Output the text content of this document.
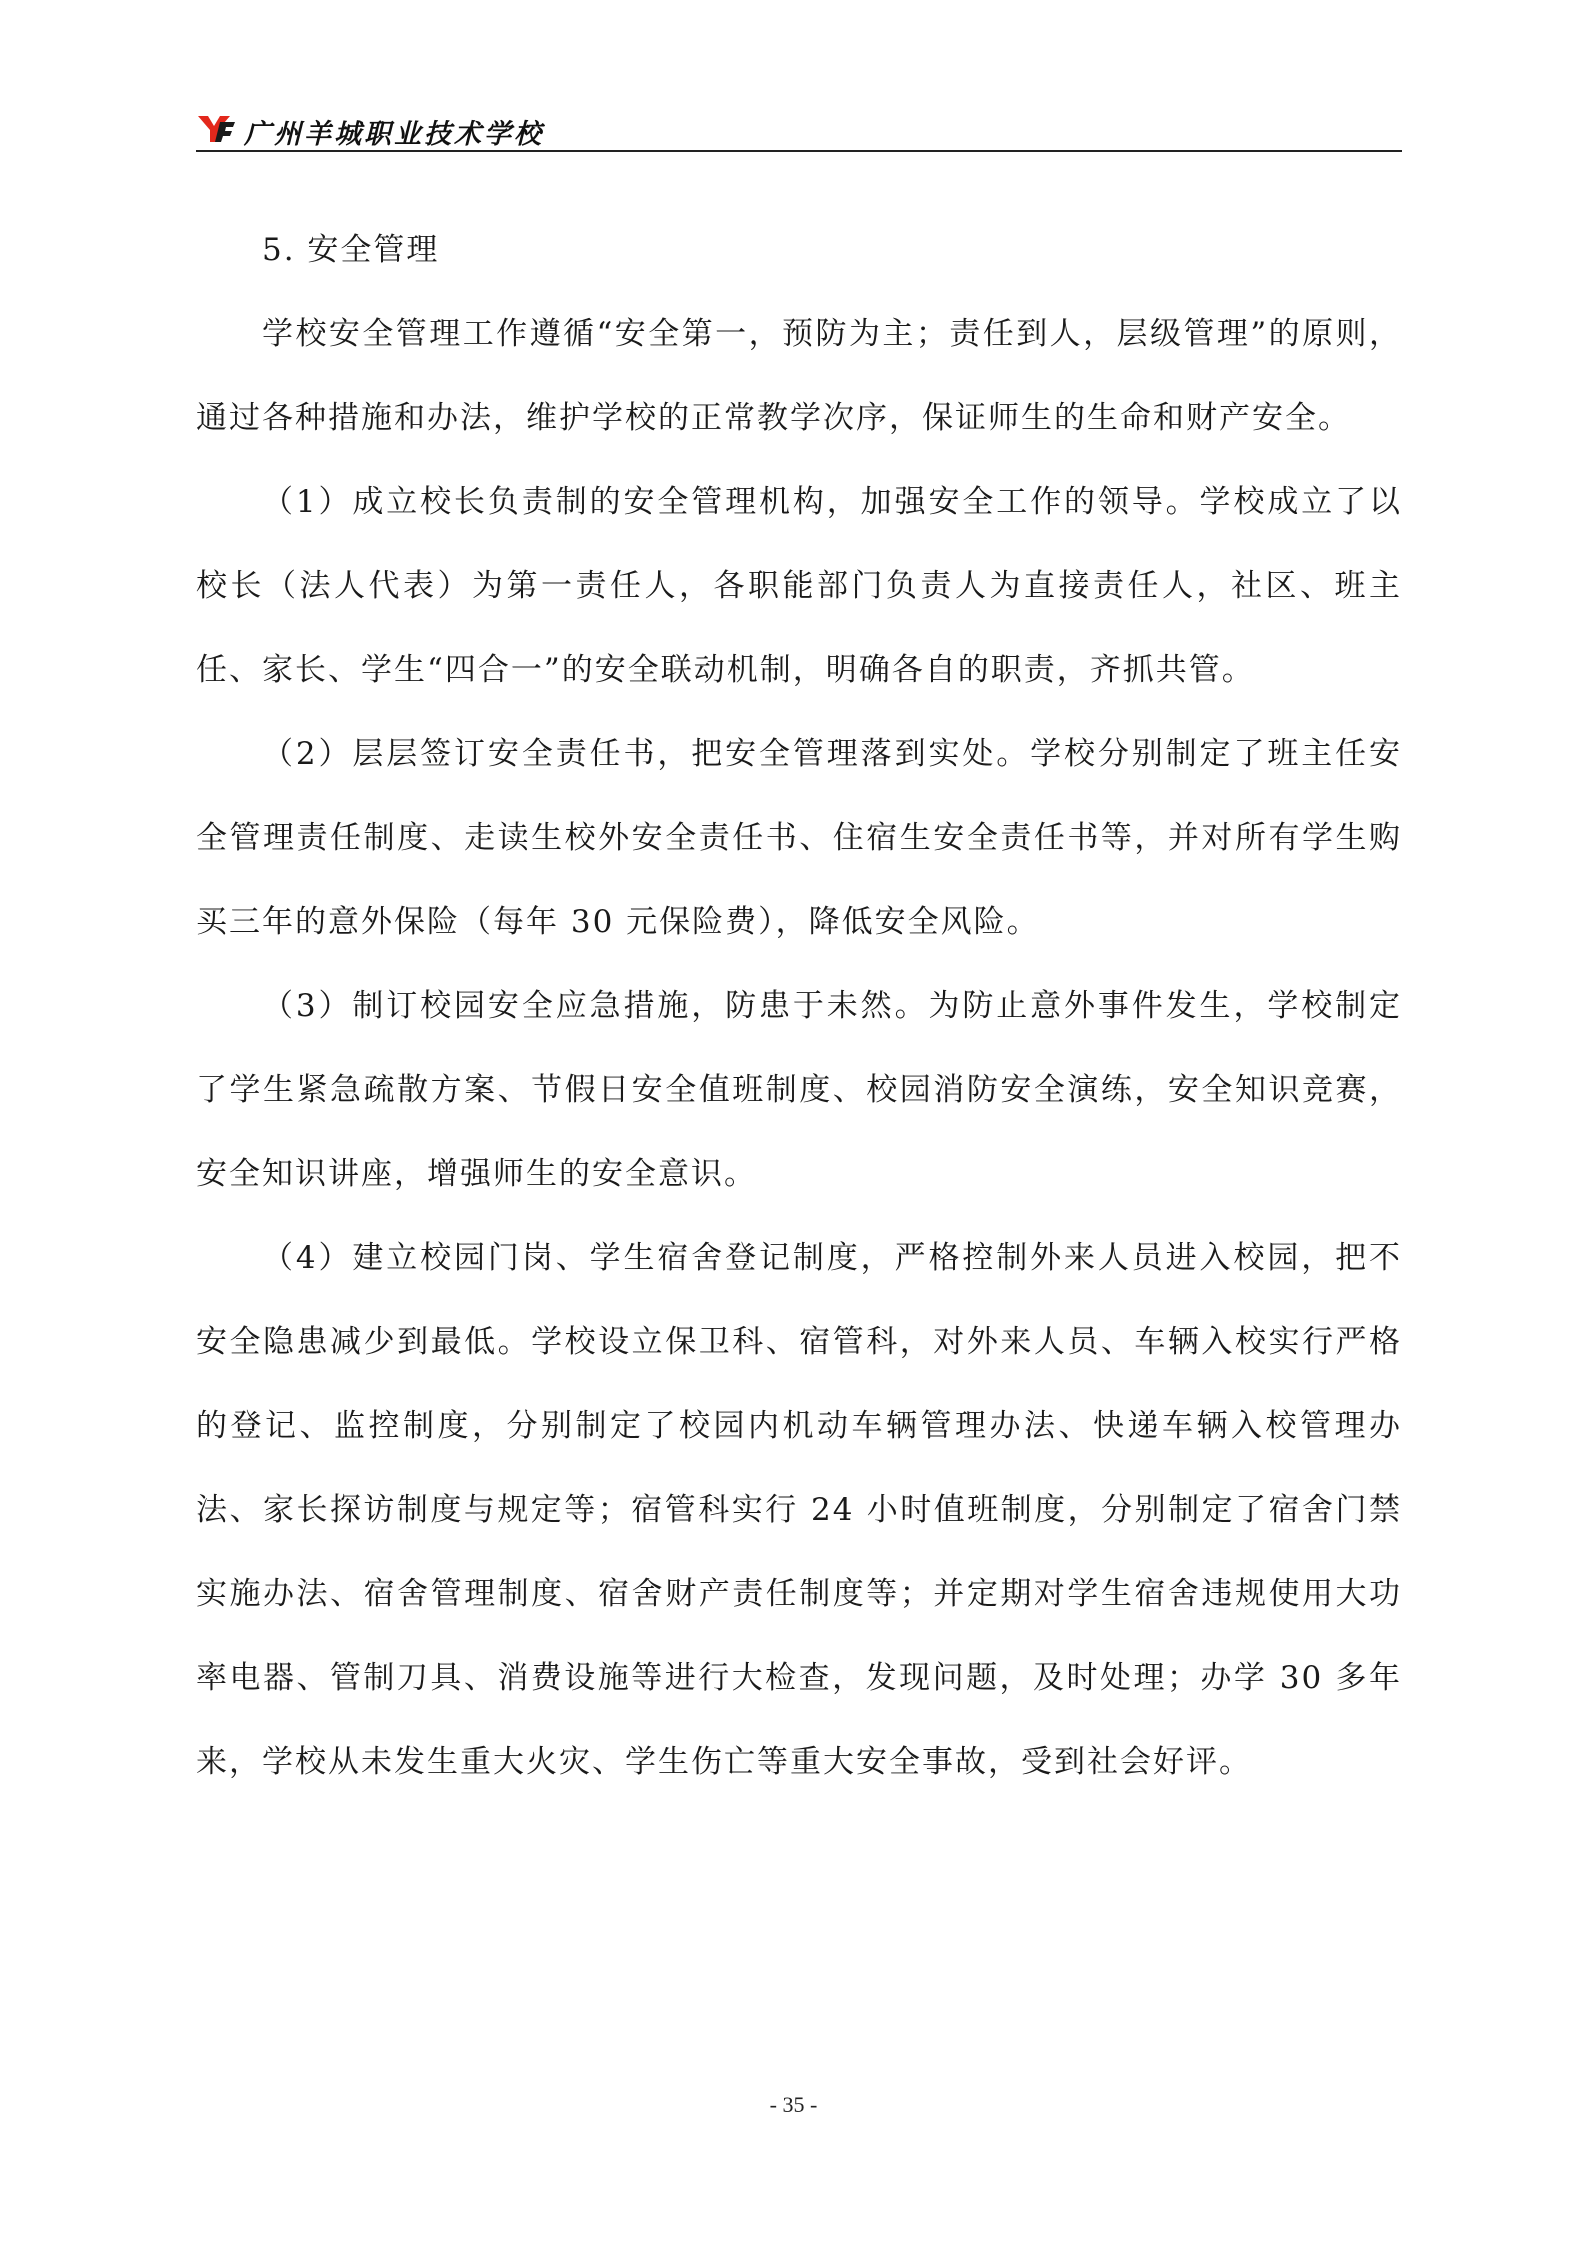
广州羊城职业技术学校

5. 安全管理

学校安全管理工作遵循“安全第一，预防为主；责任到人，层级管理”的原则，通过各种措施和办法，维护学校的正常教学次序，保证师生的生命和财产安全。

（1）成立校长负责制的安全管理机构，加强安全工作的领导。学校成立了以校长（法人代表）为第一责任人，各职能部门负责人为直接责任人，社区、班主任、家长、学生“四合一”的安全联动机制，明确各自的职责，齐抓共管。

（2）层层签订安全责任书，把安全管理落到实处。学校分别制定了班主任安全管理责任制度、走读生校外安全责任书、住宿生安全责任书等，并对所有学生购买三年的意外保险（每年 30 元保险费），降低安全风险。

（3）制订校园安全应急措施，防患于未然。为防止意外事件发生，学校制定了学生紧急疏散方案、节假日安全值班制度、校园消防安全演练，安全知识竞赛，安全知识讲座，增强师生的安全意识。

（4）建立校园门岗、学生宿舍登记制度，严格控制外来人员进入校园，把不安全隐患减少到最低。学校设立保卫科、宿管科，对外来人员、车辆入校实行严格的登记、监控制度，分别制定了校园内机动车辆管理办法、快递车辆入校管理办法、家长探访制度与规定等；宿管科实行 24 小时值班制度，分别制定了宿舍门禁实施办法、宿舍管理制度、宿舍财产责任制度等；并定期对学生宿舍违规使用大功率电器、管制刀具、消费设施等进行大检查，发现问题，及时处理；办学 30 多年来，学校从未发生重大火灾、学生伤亡等重大安全事故，受到社会好评。

- 35 -
